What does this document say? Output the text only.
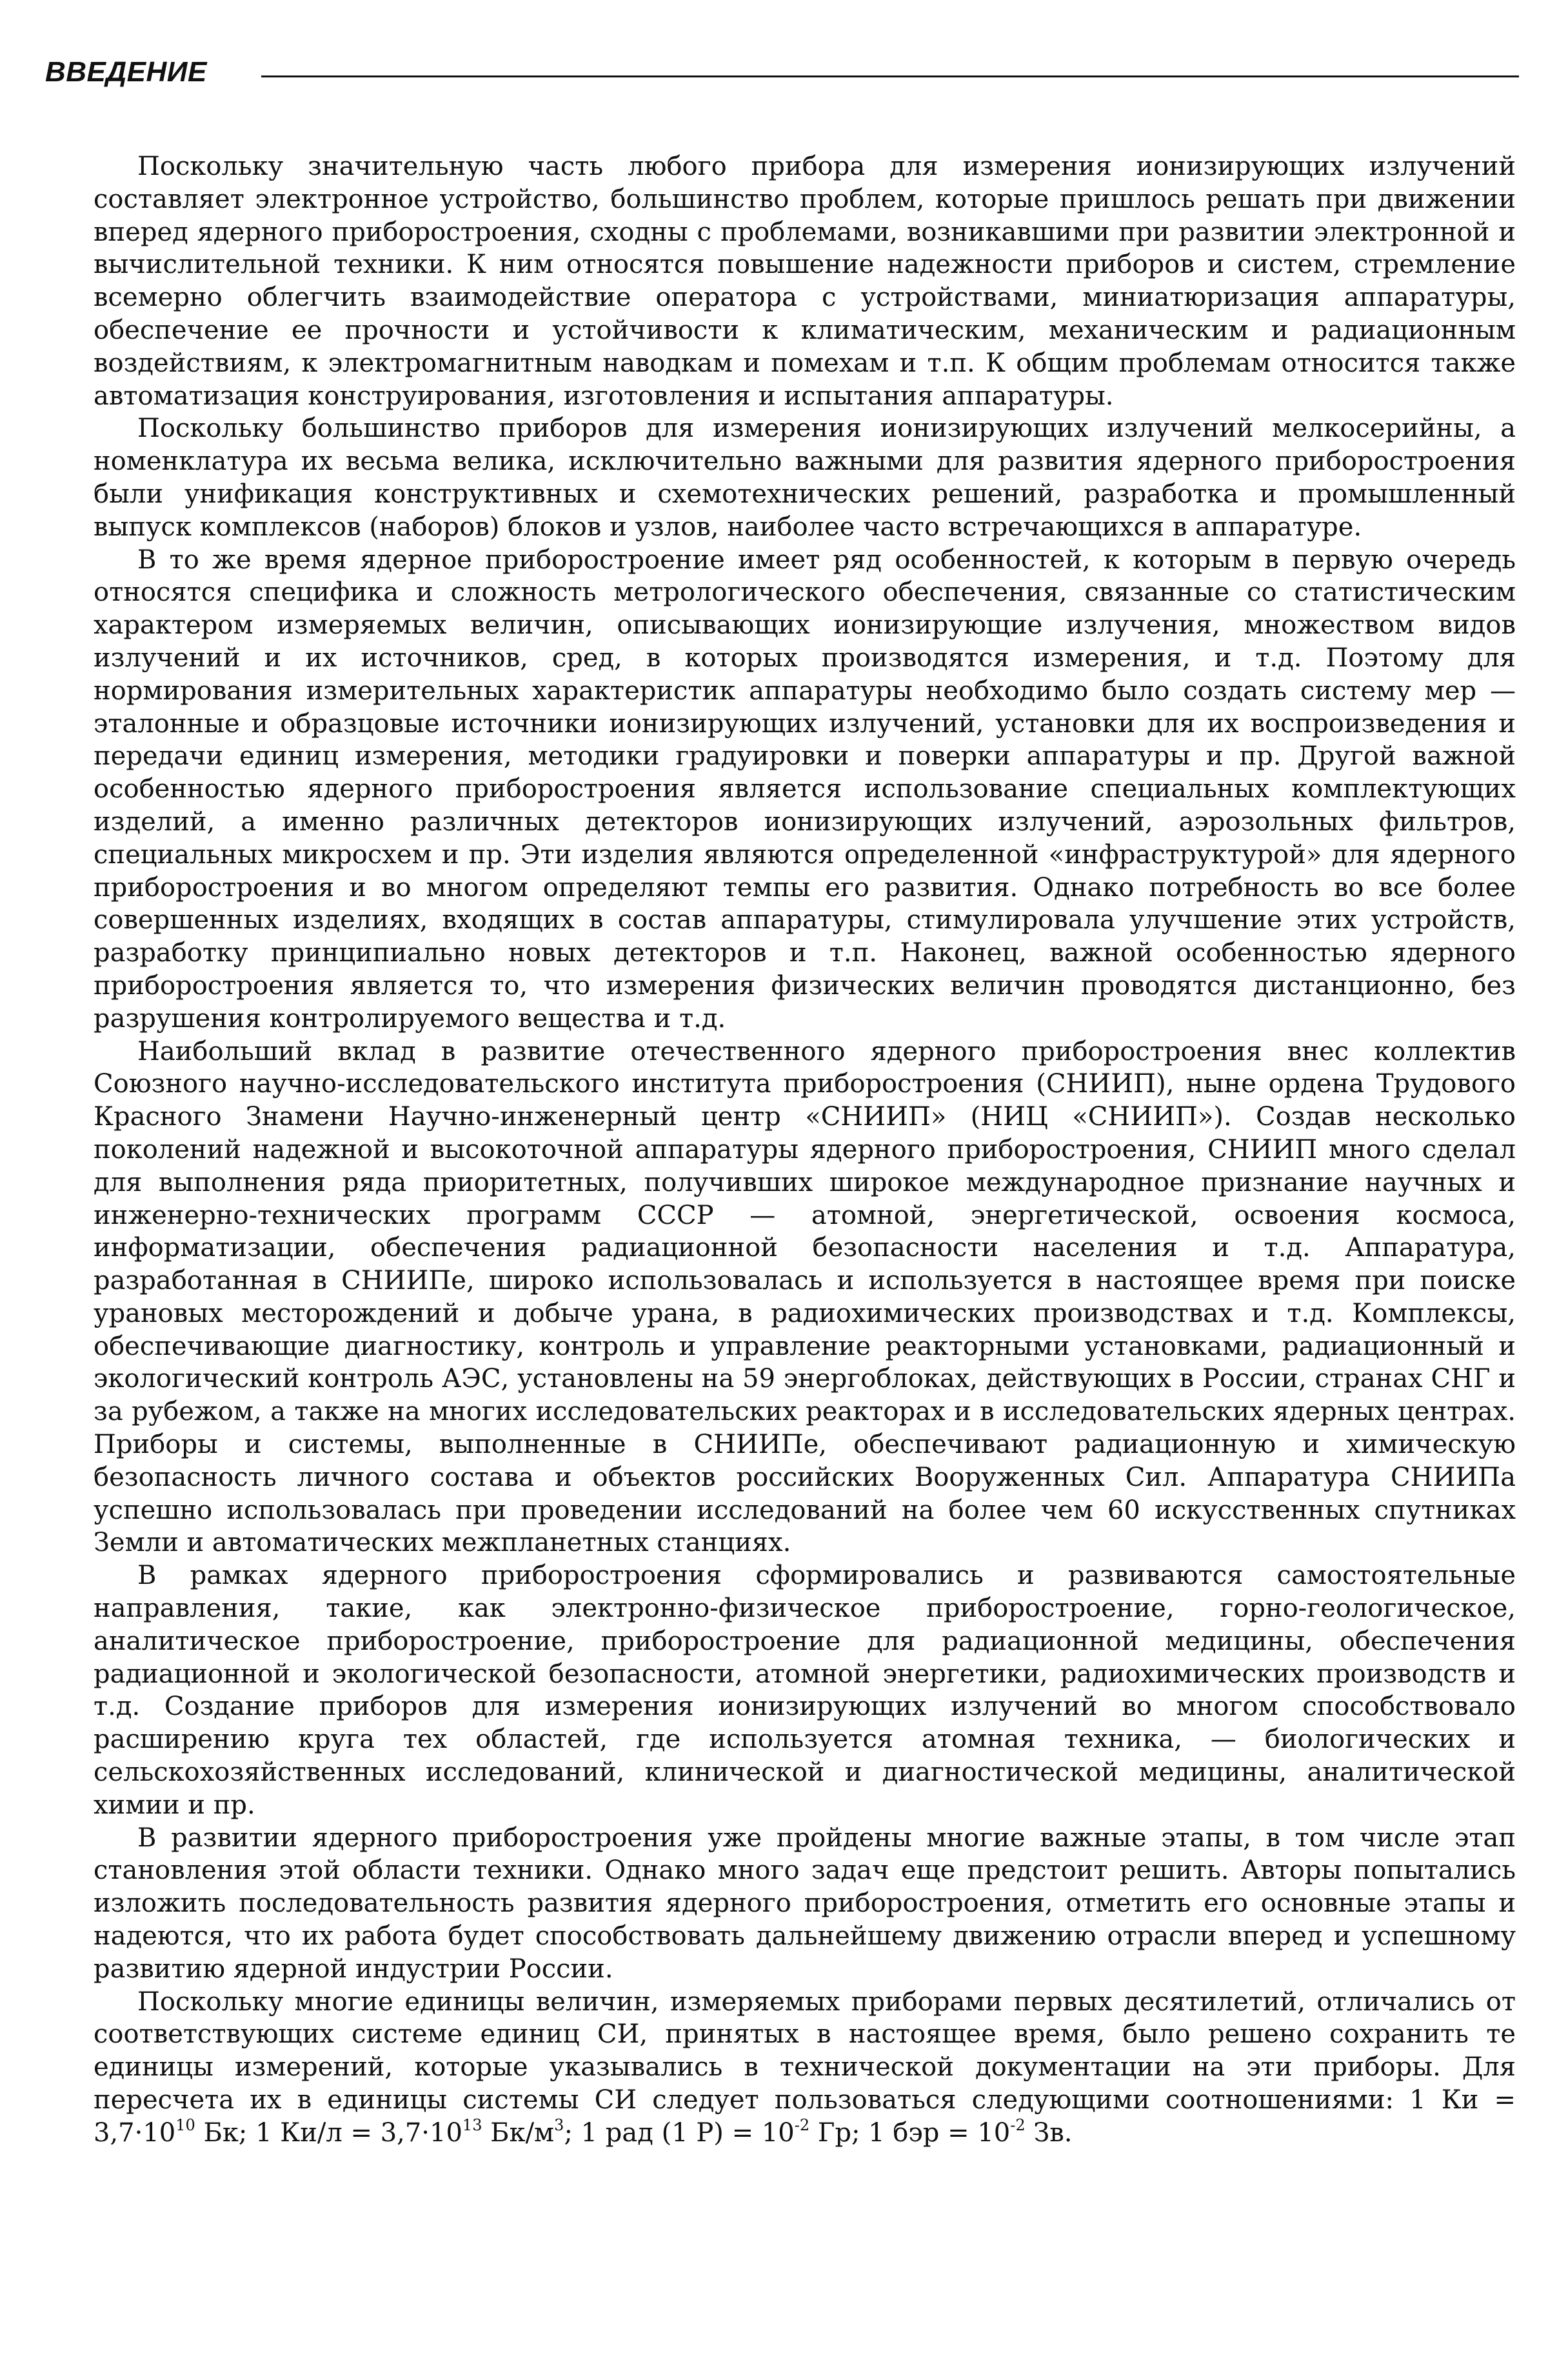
ВВЕДЕНИЕ

Поскольку значительную часть любого прибора для измерения ионизирующих излучений составляет электронное устройство, большинство проблем, которые пришлось решать при движении вперед ядерного приборостроения, сходны с проблемами, возникавшими при развитии электронной и вычислительной техники. К ним относятся повышение надежности приборов и систем, стремление всемерно облегчить взаимодействие оператора с устройствами, миниатюризация аппаратуры, обеспечение ее прочности и устойчивости к климатическим, механическим и радиационным воздействиям, к электромагнитным наводкам и помехам и т.п. К общим проблемам относится также автоматизация конструирования, изготовления и испытания аппаратуры.

Поскольку большинство приборов для измерения ионизирующих излучений мелкосерийны, а номенклатура их весьма велика, исключительно важными для развития ядерного приборостроения были унификация конструктивных и схемотехнических решений, разработка и промышленный выпуск комплексов (наборов) блоков и узлов, наиболее часто встречающихся в аппаратуре.

В то же время ядерное приборостроение имеет ряд особенностей, к которым в первую очередь относятся специфика и сложность метрологического обеспечения, связанные со статистическим характером измеряемых величин, описывающих ионизирующие излучения, множеством видов излучений и их источников, сред, в которых производятся измерения, и т.д. Поэтому для нормирования измерительных характеристик аппаратуры необходимо было создать систему мер — эталонные и образцовые источники ионизирующих излучений, установки для их воспроизведения и передачи единиц измерения, методики градуировки и поверки аппаратуры и пр. Другой важной особенностью ядерного приборостроения является использование специальных комплектующих изделий, а именно различных детекторов ионизирующих излучений, аэрозольных фильтров, специальных микросхем и пр. Эти изделия являются определенной «инфраструктурой» для ядерного приборостроения и во многом определяют темпы его развития. Однако потребность во все более совершенных изделиях, входящих в состав аппаратуры, стимулировала улучшение этих устройств, разработку принципиально новых детекторов и т.п. Наконец, важной особенностью ядерного приборостроения является то, что измерения физических величин проводятся дистанционно, без разрушения контролируемого вещества и т.д.

Наибольший вклад в развитие отечественного ядерного приборостроения внес коллектив Союзного научно-исследовательского института приборостроения (СНИИП), ныне ордена Трудового Красного Знамени Научно-инженерный центр «СНИИП» (НИЦ «СНИИП»). Создав несколько поколений надежной и высокоточной аппаратуры ядерного приборостроения, СНИИП много сделал для выполнения ряда приоритетных, получивших широкое международное признание научных и инженерно-технических программ СССР — атомной, энергетической, освоения космоса, информатизации, обеспечения радиационной безопасности населения и т.д. Аппаратура, разработанная в СНИИПе, широко использовалась и используется в настоящее время при поиске урановых месторождений и добыче урана, в радиохимических производствах и т.д. Комплексы, обеспечивающие диагностику, контроль и управление реакторными установками, радиационный и экологический контроль АЭС, установлены на 59 энергоблоках, действующих в России, странах СНГ и за рубежом, а также на многих исследовательских реакторах и в исследовательских ядерных центрах. Приборы и системы, выполненные в СНИИПе, обеспечивают радиационную и химическую безопасность личного состава и объектов российских Вооруженных Сил. Аппаратура СНИИПа успешно использовалась при проведении исследований на более чем 60 искусственных спутниках Земли и автоматических межпланетных станциях.

В рамках ядерного приборостроения сформировались и развиваются самостоятельные направления, такие, как электронно-физическое приборостроение, горно-геологическое, аналитическое приборостроение, приборостроение для радиационной медицины, обеспечения радиационной и экологической безопасности, атомной энергетики, радиохимических производств и т.д. Создание приборов для измерения ионизирующих излучений во многом способствовало расширению круга тех областей, где используется атомная техника, — биологических и сельскохозяйственных исследований, клинической и диагностической медицины, аналитической химии и пр.

В развитии ядерного приборостроения уже пройдены многие важные этапы, в том числе этап становления этой области техники. Однако много задач еще предстоит решить. Авторы попытались изложить последовательность развития ядерного приборостроения, отметить его основные этапы и надеются, что их работа будет способствовать дальнейшему движению отрасли вперед и успешному развитию ядерной индустрии России.

Поскольку многие единицы величин, измеряемых приборами первых десятилетий, отличались от соответствующих системе единиц СИ, принятых в настоящее время, было решено сохранить те единицы измерений, которые указывались в технической документации на эти приборы. Для пересчета их в единицы системы СИ следует пользоваться следующими соотношениями: 1 Ки = $3,7\cdot 10^{10}$ Бк; 1 $Ки/л = 3,7\cdot 10^{13}$ $Бк/м^3$; 1 рад (1 $Р) = 10^{-2}$ Гр; 1 бэр = $10^{-2}$ Зв.
